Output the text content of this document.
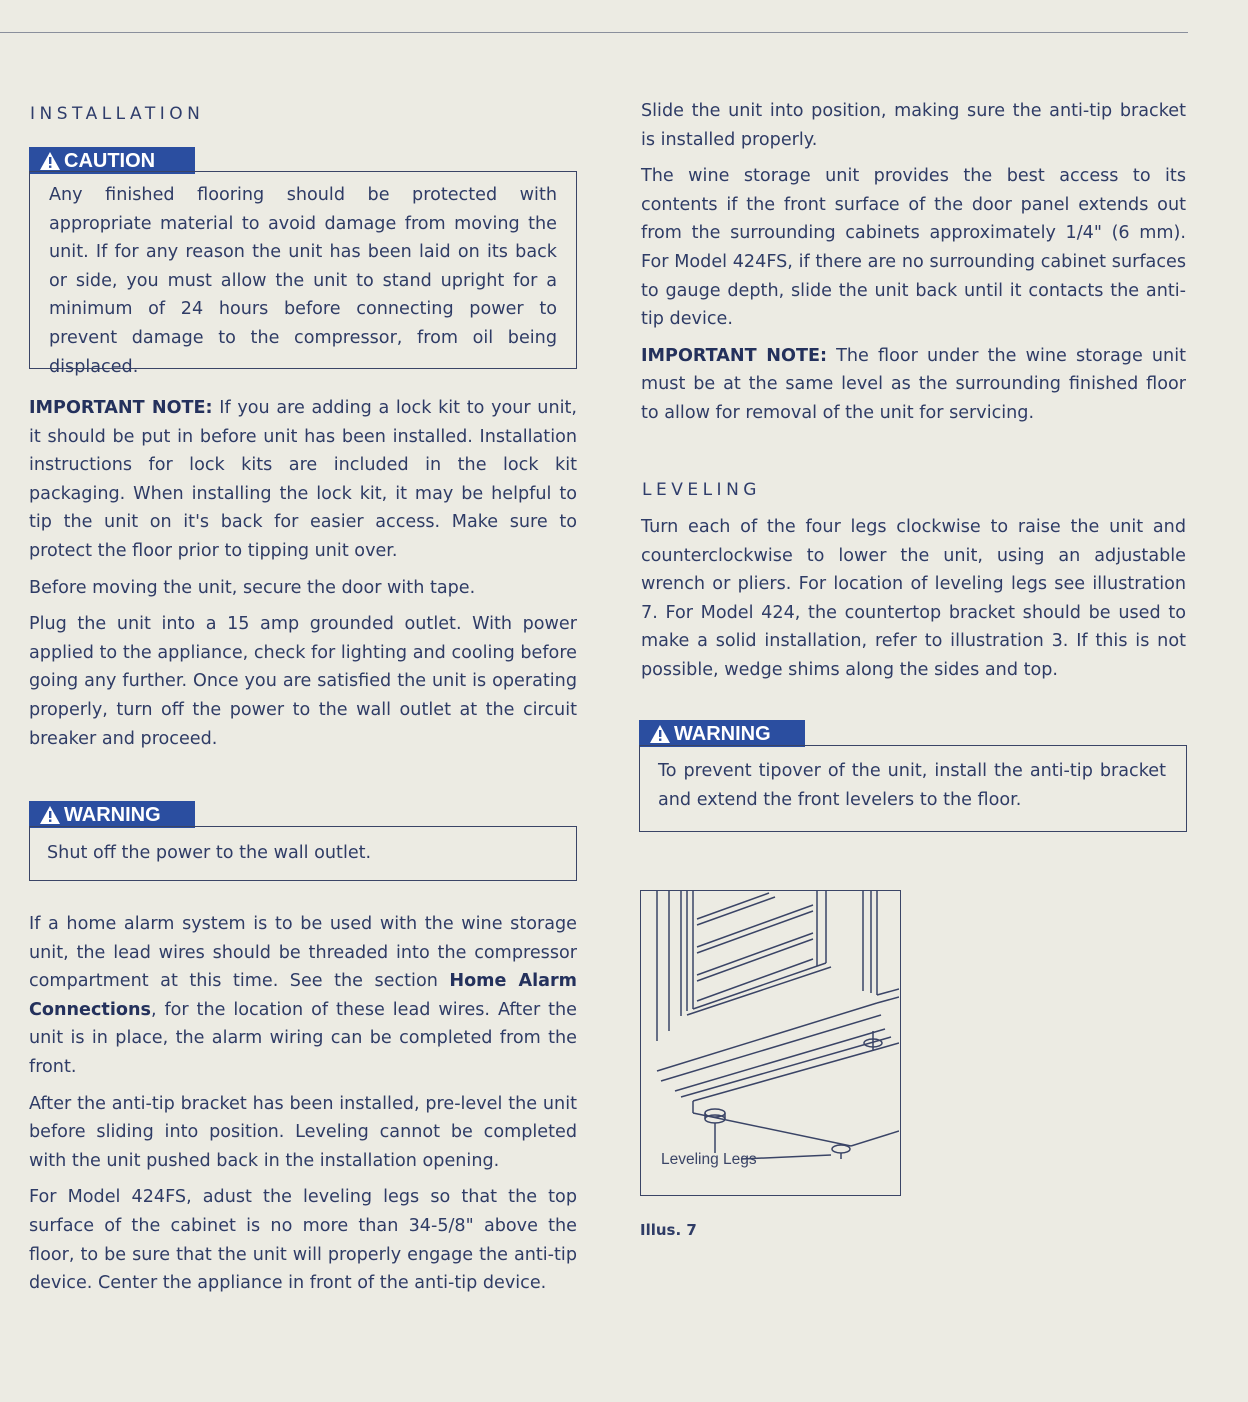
INSTALLATION
CAUTION

Any finished flooring should be protected with appropriate material to avoid damage from moving the unit. If for any reason the unit has been laid on its back or side, you must allow the unit to stand upright for a minimum of 24 hours before connecting power to prevent damage to the compressor, from oil being displaced.

IMPORTANT NOTE: If you are adding a lock kit to your unit, it should be put in before unit has been installed. Installation instructions for lock kits are included in the lock kit packaging. When installing the lock kit, it may be helpful to tip the unit on it's back for easier access. Make sure to protect the floor prior to tipping unit over.

Before moving the unit, secure the door with tape.

Plug the unit into a 15 amp grounded outlet. With power applied to the appliance, check for lighting and cooling before going any further. Once you are satisfied the unit is operating properly, turn off the power to the wall outlet at the circuit breaker and proceed.

WARNING

Shut off the power to the wall outlet.

If a home alarm system is to be used with the wine storage unit, the lead wires should be threaded into the compressor compartment at this time. See the section Home Alarm Connections, for the location of these lead wires. After the unit is in place, the alarm wiring can be completed from the front.

After the anti-tip bracket has been installed, pre-level the unit before sliding into position. Leveling cannot be completed with the unit pushed back in the installation opening.

For Model 424FS, adust the leveling legs so that the top surface of the cabinet is no more than 34-5/8" above the floor, to be sure that the unit will properly engage the anti-tip device. Center the appliance in front of the anti-tip device.

Slide the unit into position, making sure the anti-tip bracket is installed properly.

The wine storage unit provides the best access to its contents if the front surface of the door panel extends out from the surrounding cabinets approximately 1/4" (6 mm). For Model 424FS, if there are no surrounding cabinet surfaces to gauge depth, slide the unit back until it contacts the anti-tip device.

IMPORTANT NOTE: The floor under the wine storage unit must be at the same level as the surrounding finished floor to allow for removal of the unit for servicing.

LEVELING

Turn each of the four legs clockwise to raise the unit and counterclockwise to lower the unit, using an adjustable wrench or pliers. For location of leveling legs see illustration 7. For Model 424, the countertop bracket should be used to make a solid installation, refer to illustration 3. If this is not possible, wedge shims along the sides and top.

WARNING

To prevent tipover of the unit, install the anti-tip bracket and extend the front levelers to the floor.

Leveling Legs
Illus. 7
